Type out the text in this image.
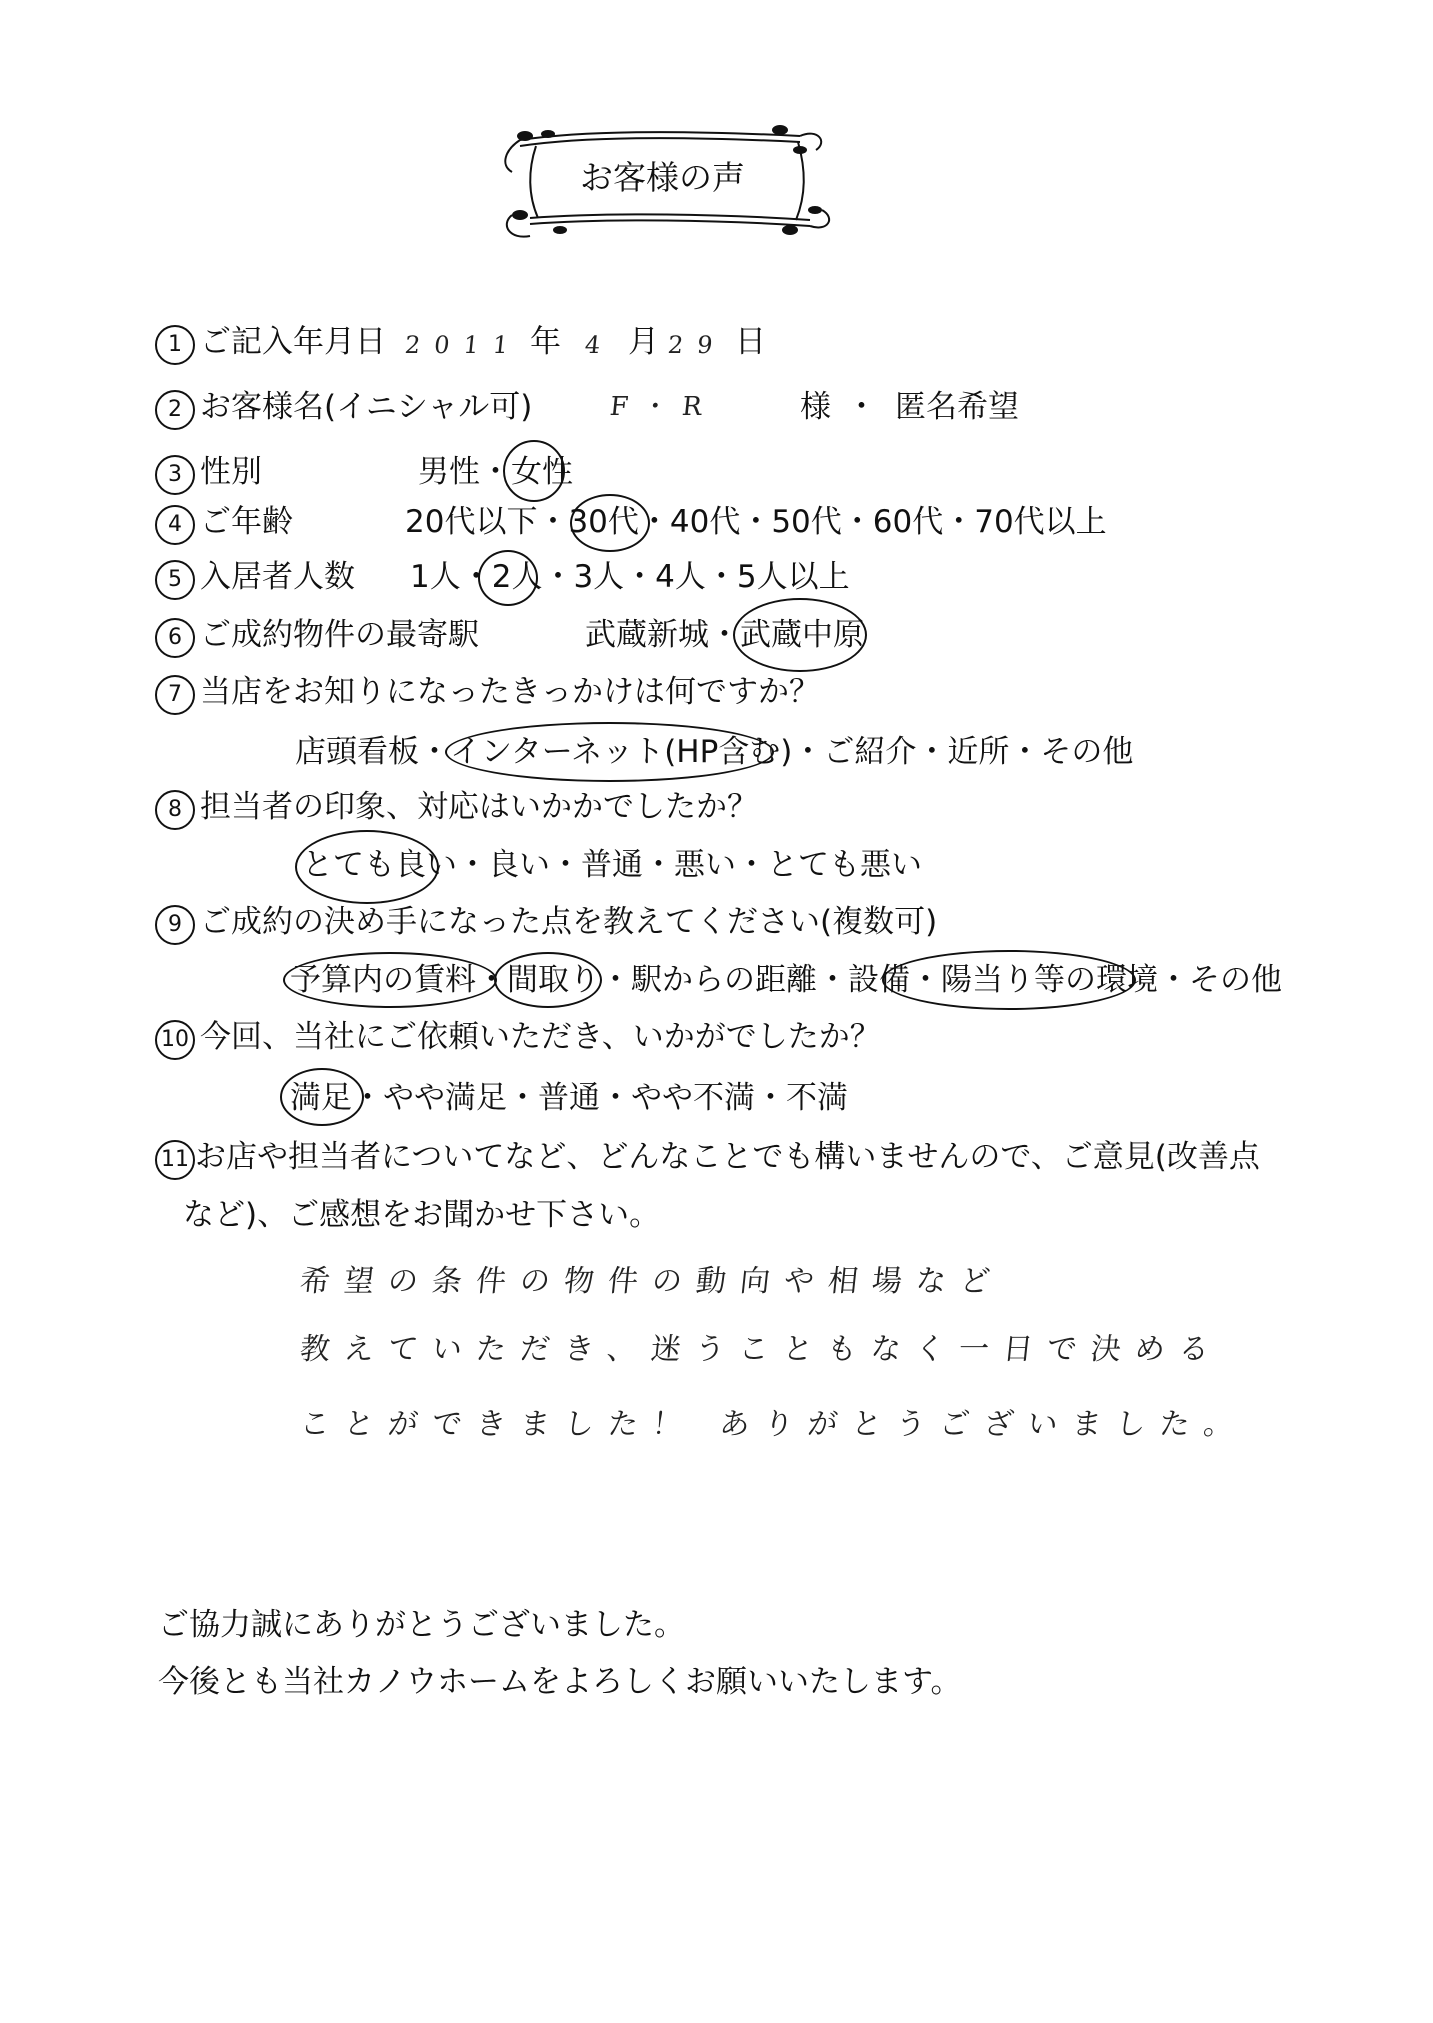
お客様の声
1 ご記入年月日 2011 年 4 月 29 日
2 お客様名(イニシャル可)	F・R	様 ・ 匿名希望
3 性別	男性・女性
4 ご年齢	20代以下・30代・40代・50代・60代・70代以上
5 入居者人数 1人・2人・3人・4人・5人以上
6 ご成約物件の最寄駅	武蔵新城・武蔵中原
7 当店をお知りになったきっかけは何ですか？
店頭看板・インターネット(HP含む)・ご紹介・近所・その他
8 担当者の印象、対応はいかかでしたか？
とても良い・良い・普通・悪い・とても悪い
9 ご成約の決め手になった点を教えてください(複数可)
予算内の賃料・間取り・駅からの距離・設備・陽当り等の環境・その他
10 今回、当社にご依頼いただき、いかがでしたか？
満足・やや満足・普通・やや不満・不満
11 お店や担当者についてなど、どんなことでも構いませんので、ご意見(改善点
など)、ご感想をお聞かせ下さい。
希望の条件の物件の動向や相場など
教えていただき、迷うこともなく一日で決める
ことができました！ ありがとうございました。
ご協力誠にありがとうございました。
今後とも当社カノウホームをよろしくお願いいたします。
